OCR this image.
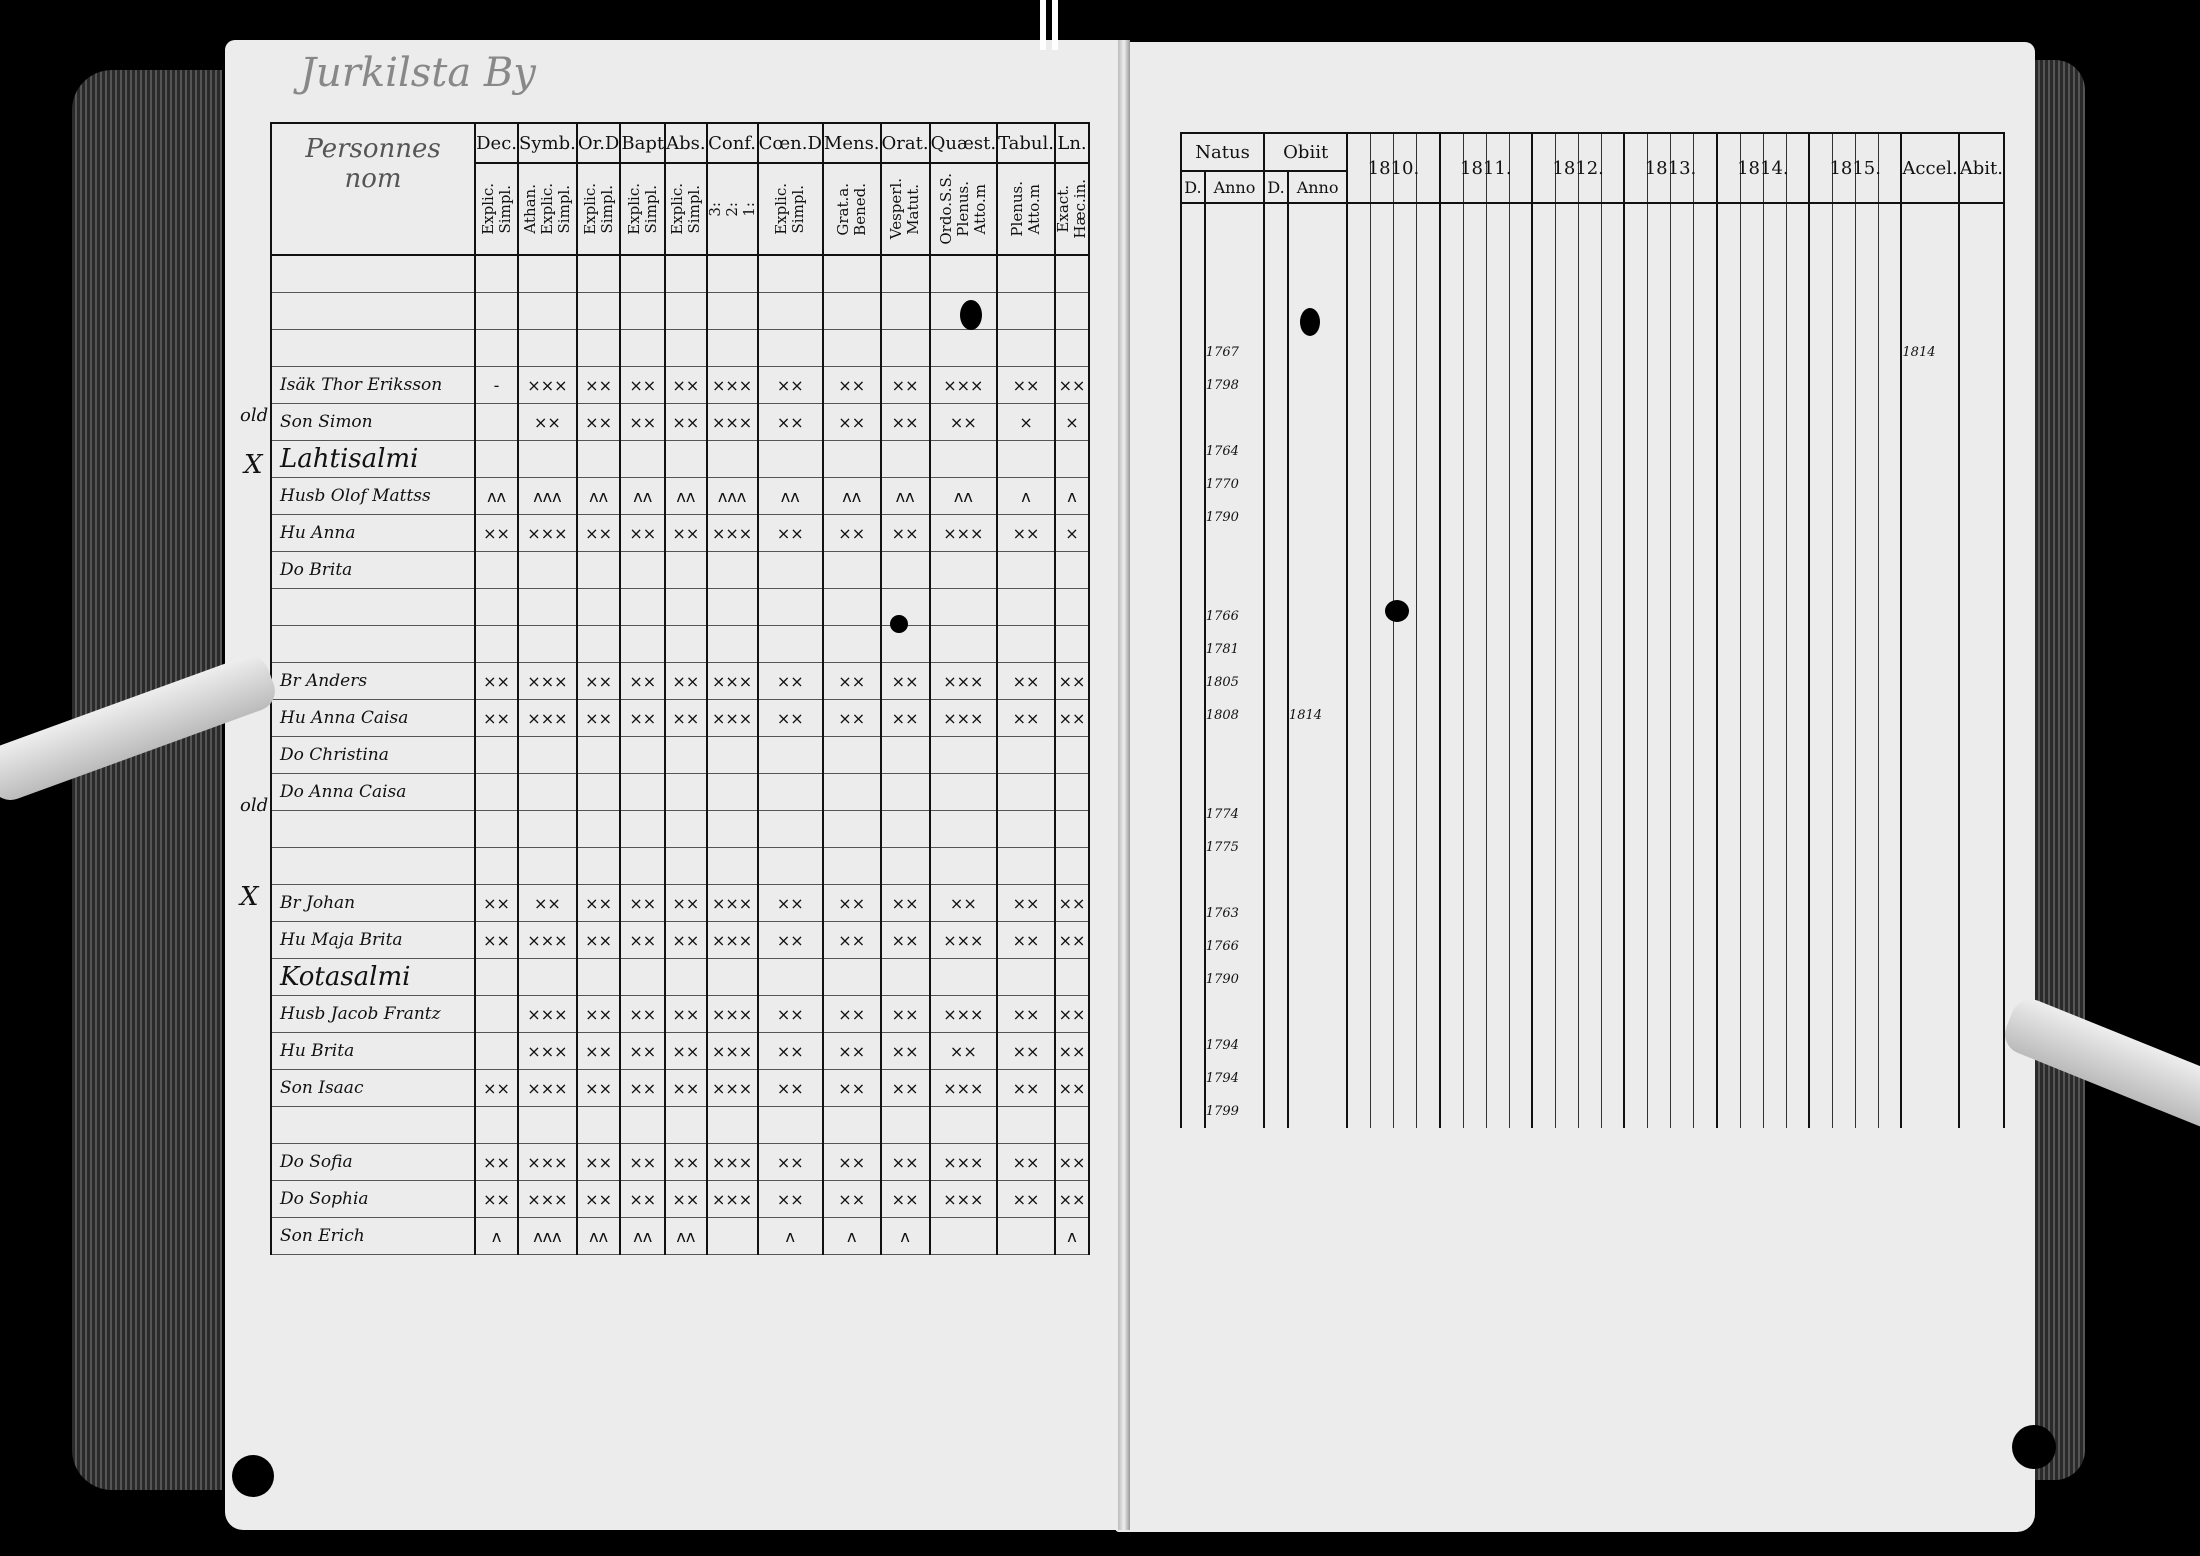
Jurkilsta By
Personnes nom	Dec.	Symb.	Or.D	Bapt	Abs.	Conf.	Cœn.D	Mens.	Orat.	Quæst.	Tabul.	Ln.

	Explic. Simpl.	Athan. Explic. Simpl.	Explic. Simpl.	Explic. Simpl.	Explic. Simpl.	3: 2: 1:	Explic. Simpl.	Grat.a. Bened.	Vesperl. Matut.	Ordo.S.S. Plenus. Atto.m	Plenus. Atto.m	Exact. Hæc.in.

Isäk Thor Eriksson	-	×××	××	××	××	×××	××	××	××	×××	××	××
Son Simon		××	××	××	××	×××	××	××	××	××	×	×
Lahtisalmi												
Husb Olof Mattss	ʌʌ	ʌʌʌ	ʌʌ	ʌʌ	ʌʌ	ʌʌʌ	ʌʌ	ʌʌ	ʌʌ	ʌʌ	ʌ	ʌ
Hu Anna	××	×××	××	××	××	×××	××	××	××	×××	××	×
Do Brita												

Br Anders	××	×××	××	××	××	×××	××	××	××	×××	××	××
Hu Anna Caisa	××	×××	××	××	××	×××	××	××	××	×××	××	××
Do Christina												
Do Anna Caisa												

Br Johan	××	××	××	××	××	×××	××	××	××	××	××	××
Hu Maja Brita	××	×××	××	××	××	×××	××	××	××	×××	××	××
Kotasalmi												
Husb Jacob Frantz		×××	××	××	××	×××	××	××	××	×××	××	××
Hu Brita		×××	××	××	××	×××	××	××	××	××	××	××
Son Isaac	××	×××	××	××	××	×××	××	××	××	×××	××	××

Do Sofia	××	×××	××	××	××	×××	××	××	××	×××	××	××
Do Sophia	××	×××	××	××	××	×××	××	××	××	×××	××	××
Son Erich	ʌ	ʌʌʌ	ʌʌ	ʌʌ	ʌʌ		ʌ	ʌ	ʌ			ʌ
Natus		Obiit		1810.	1811.	1812.	1813.	1814.	1815.	Accel.	Abit.
D.	Anno	D.	Anno								

	1767									1814	
	1798										

	1764										
	1770										
	1790										

	1766										
	1781										
	1805										
	1808		1814								

	1774										
	1775										

	1763										
	1766										
	1790										

	1794										
	1794										
	1799										
old
X
old
X
